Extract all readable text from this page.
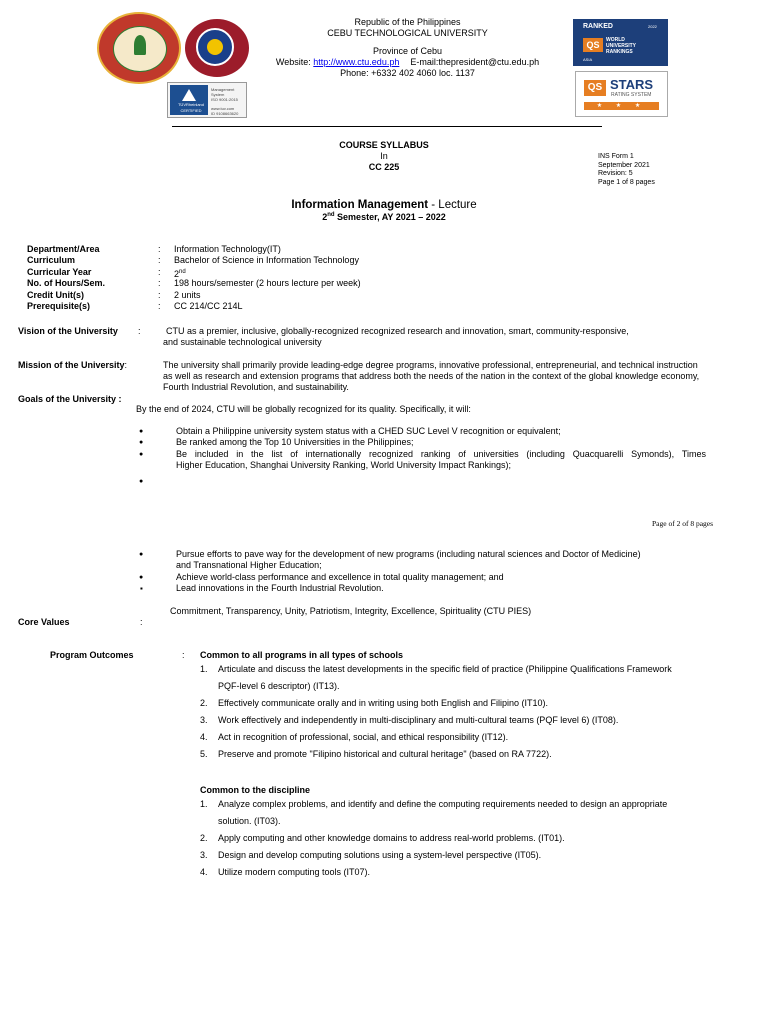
TÜVRheinland
CERTIFIED
Management
System
ISO 9001:2015
www.tuv.com
ID 9108663620
RANKED	2022
QS	WORLD
UNIVERSITY
RANKINGS
ASIA
QS STARS
RATING SYSTEM
★ ★ ★
Republic of the Philippines
CEBU TECHNOLOGICAL UNIVERSITY
Province of Cebu
Website: http://www.ctu.edu.ph E-mail:thepresident@ctu.edu.ph
Phone: +6332 402 4060 loc. 1137
COURSE SYLLABUS
In
CC 225
INS Form 1
September 2021
Revision: 5
Page 1 of 8 pages
Information Management - Lecture
2nd Semester, AY 2021 – 2022
Department/Area	: Information Technology(IT)
Curriculum	: Bachelor of Science in Information Technology
Curricular Year	: 2nd
No. of Hours/Sem.	: 198 hours/semester (2 hours lecture per week)
Credit Unit(s)	: 2 units
Prerequisite(s)	: CC 214/CC 214L
Vision of the University :	CTU as a premier, inclusive, globally-recognized recognized research and innovation, smart, community-responsive,
and sustainable technological university
Mission of the University:	The university shall primarily provide leading-edge degree programs, innovative professional, entrepreneurial, and technical instruction
as well as research and extension programs that address both the needs of the nation in the context of the global knowledge economy,
Fourth Industrial Revolution, and sustainability.
Goals of the University :
By the end of 2024, CTU will be globally recognized for its quality. Specifically, it will:
●	Obtain a Philippine university system status with a CHED SUC Level V recognition or equivalent;
●	Be ranked among the Top 10 Universities in the Philippines;
●	Be included in the list of internationally recognized ranking of universities (including Quacquarelli Symonds), Times
Higher Education, Shanghai University Ranking, World University Impact Rankings);
●
Page of 2 of 8 pages
●	Pursue efforts to pave way for the development of new programs (including natural sciences and Doctor of Medicine)
and Transnational Higher Education;
●	Achieve world-class performance and excellence in total quality management; and
▪	Lead innovations in the Fourth Industrial Revolution.
Commitment, Transparency, Unity, Patriotism, Integrity, Excellence, Spirituality (CTU PIES)
Core Values	:
Program Outcomes	: Common to all programs in all types of schools
1. Articulate and discuss the latest developments in the specific field of practice (Philippine Qualifications Framework
PQF-level 6 descriptor) (IT13).
2. Effectively communicate orally and in writing using both English and Filipino (IT10).
3. Work effectively and independently in multi-disciplinary and multi-cultural teams (PQF level 6) (IT08).
4. Act in recognition of professional, social, and ethical responsibility (IT12).
5. Preserve and promote "Filipino historical and cultural heritage" (based on RA 7722).
Common to the discipline
1. Analyze complex problems, and identify and define the computing requirements needed to design an appropriate
solution. (IT03).
2. Apply computing and other knowledge domains to address real-world problems. (IT01).
3. Design and develop computing solutions using a system-level perspective (IT05).
4. Utilize modern computing tools (IT07).
